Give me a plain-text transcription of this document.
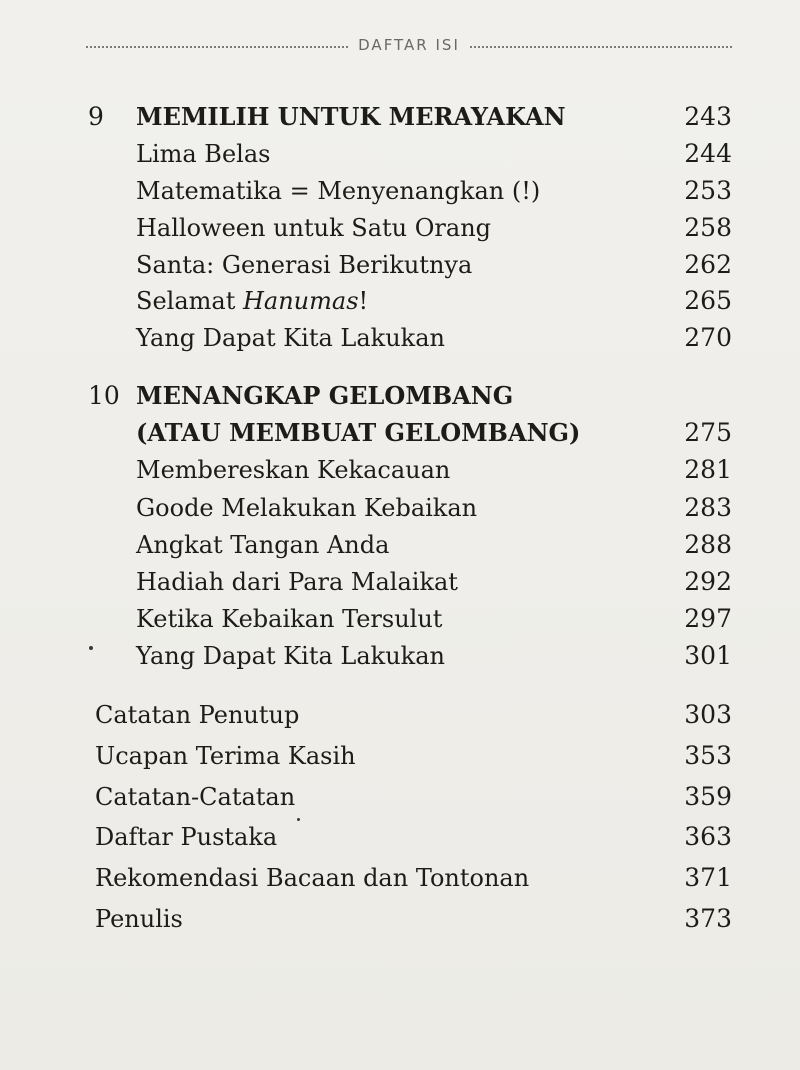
DAFTAR ISI
9 MEMILIH UNTUK MERAYAKAN	243
Lima Belas	244
Matematika = Menyenangkan (!)	253
Halloween untuk Satu Orang	258
Santa: Generasi Berikutnya	262
Selamat Hanumas!	265
Yang Dapat Kita Lakukan	270
10 MENANGKAP GELOMBANG
(ATAU MEMBUAT GELOMBANG)	275
Membereskan Kekacauan	281
Goode Melakukan Kebaikan	283
Angkat Tangan Anda	288
Hadiah dari Para Malaikat	292
Ketika Kebaikan Tersulut	297
Yang Dapat Kita Lakukan	301
Catatan Penutup	303
Ucapan Terima Kasih	353
Catatan-Catatan	359
Daftar Pustaka	363
Rekomendasi Bacaan dan Tontonan	371
Penulis	373
